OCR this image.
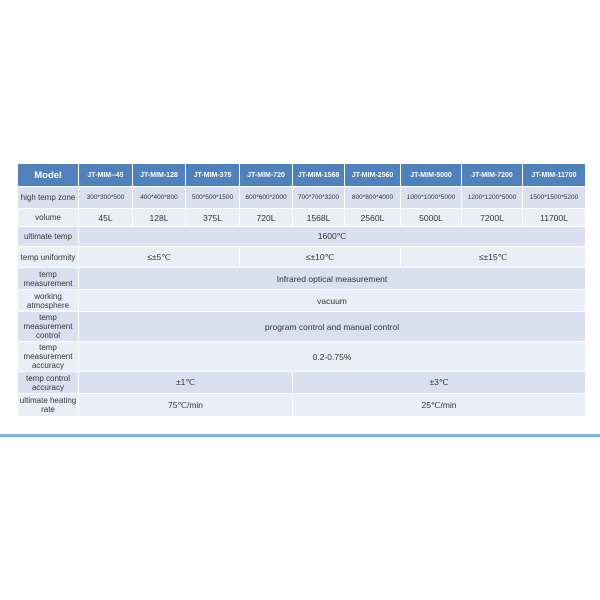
Model	JT-MIM--45	JT-MIM-128	JT-MIM-375	JT-MIM-720	JT-MIM-1568	JT-MIM-2560	JT-MIM-5000	JT-MIM-7200	JT-MIM-11700
high temp zone	300*300*500	400*400*800	500*500*1500	600*600*2000	700*700*3200	800*800*4000	1000*1000*5000	1200*1200*5000	1500*1500*5200
volume	45L	128L	375L	720L	1568L	2560L	5000L	7200L	11700L
ultimate temp	1600℃								
temp uniformity	≤±5℃			≤±10℃			≤±15℃		
temp measurement	Infrared optical measurement								
working atmosphere	vacuum								
temp measurement control	program control and manual control								
temp measurement accuracy	0.2-0.75%								
temp control accuracy	±1℃				±3℃				
ultimate heating rate	75℃/min				25℃/min				
